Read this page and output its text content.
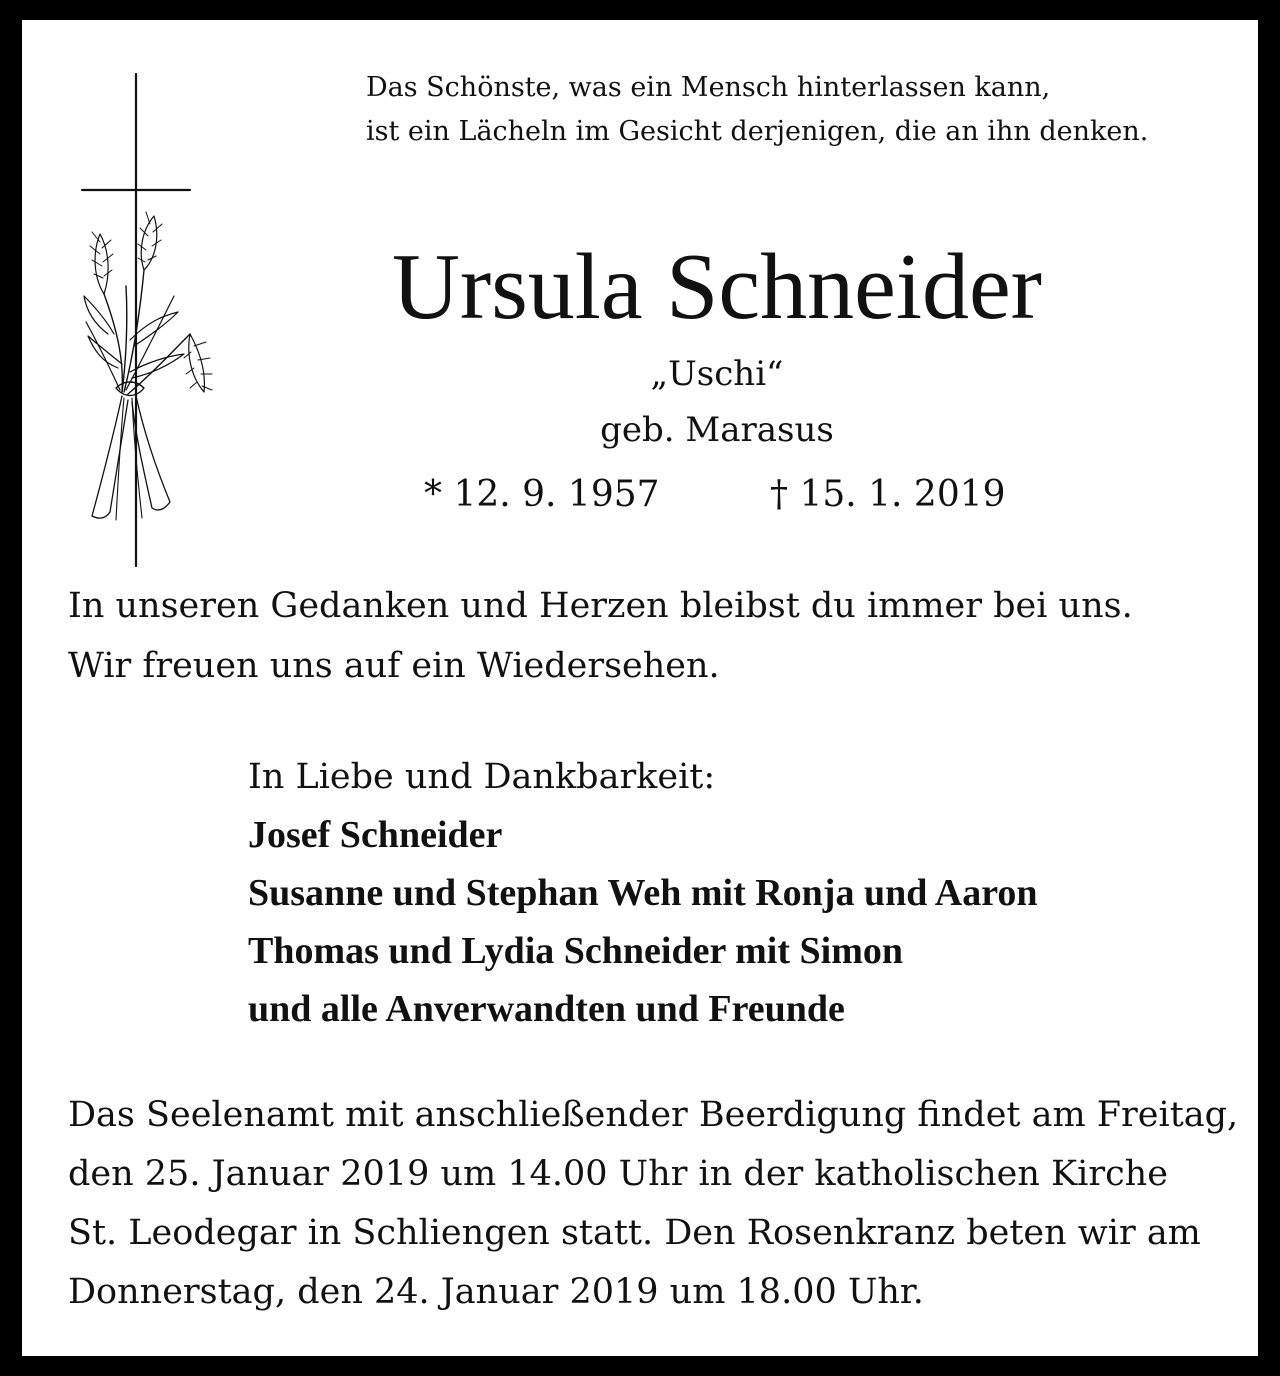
Das Schönste, was ein Mensch hinterlassen kann,
ist ein Lächeln im Gesicht derjenigen, die an ihn denken.
Ursula Schneider
„Uschi“
geb. Marasus
* 12. 9. 1957	† 15. 1. 2019
In unseren Gedanken und Herzen bleibst du immer bei uns.
Wir freuen uns auf ein Wiedersehen.
In Liebe und Dankbarkeit:
Josef Schneider
Susanne und Stephan Weh mit Ronja und Aaron
Thomas und Lydia Schneider mit Simon
und alle Anverwandten und Freunde
Das Seelenamt mit anschließender Beerdigung findet am Freitag,
den 25. Januar 2019 um 14.00 Uhr in der katholischen Kirche
St. Leodegar in Schliengen statt. Den Rosenkranz beten wir am
Donnerstag, den 24. Januar 2019 um 18.00 Uhr.
